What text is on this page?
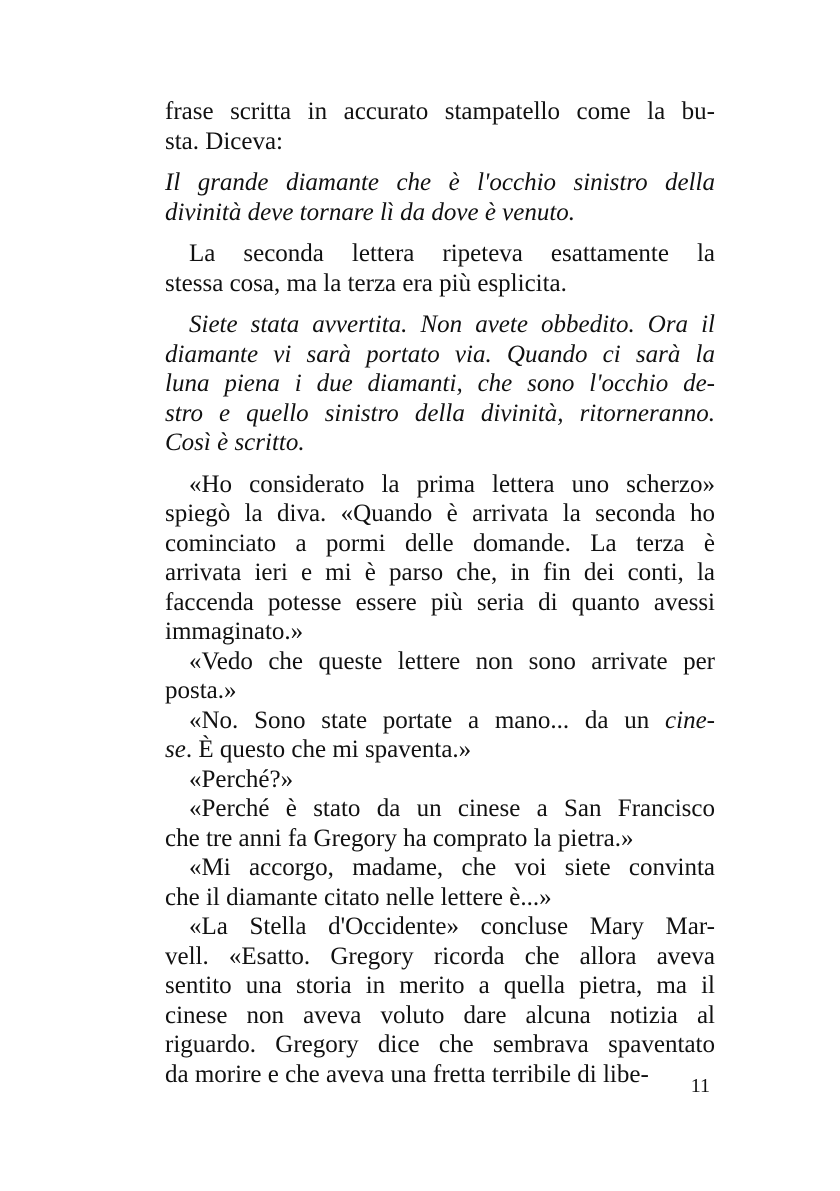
frase scritta in accurato stampatello come la bu-
sta. Diceva:

Il grande diamante che è l'occhio sinistro della
divinità deve tornare lì da dove è venuto.

La seconda lettera ripeteva esattamente la
stessa cosa, ma la terza era più esplicita.

Siete stata avvertita. Non avete obbedito. Ora il
diamante vi sarà portato via. Quando ci sarà la
luna piena i due diamanti, che sono l'occhio de-
stro e quello sinistro della divinità, ritorneranno.
Così è scritto.

«Ho considerato la prima lettera uno scherzo»
spiegò la diva. «Quando è arrivata la seconda ho
cominciato a pormi delle domande. La terza è
arrivata ieri e mi è parso che, in fin dei conti, la
faccenda potesse essere più seria di quanto avessi
immaginato.»

«Vedo che queste lettere non sono arrivate per
posta.»

«No. Sono state portate a mano... da un cine-
se. È questo che mi spaventa.»

«Perché?»

«Perché è stato da un cinese a San Francisco
che tre anni fa Gregory ha comprato la pietra.»

«Mi accorgo, madame, che voi siete convinta
che il diamante citato nelle lettere è...»

«La Stella d'Occidente» concluse Mary Mar-
vell. «Esatto. Gregory ricorda che allora aveva
sentito una storia in merito a quella pietra, ma il
cinese non aveva voluto dare alcuna notizia al
riguardo. Gregory dice che sembrava spaventato
da morire e che aveva una fretta terribile di libe-	11
